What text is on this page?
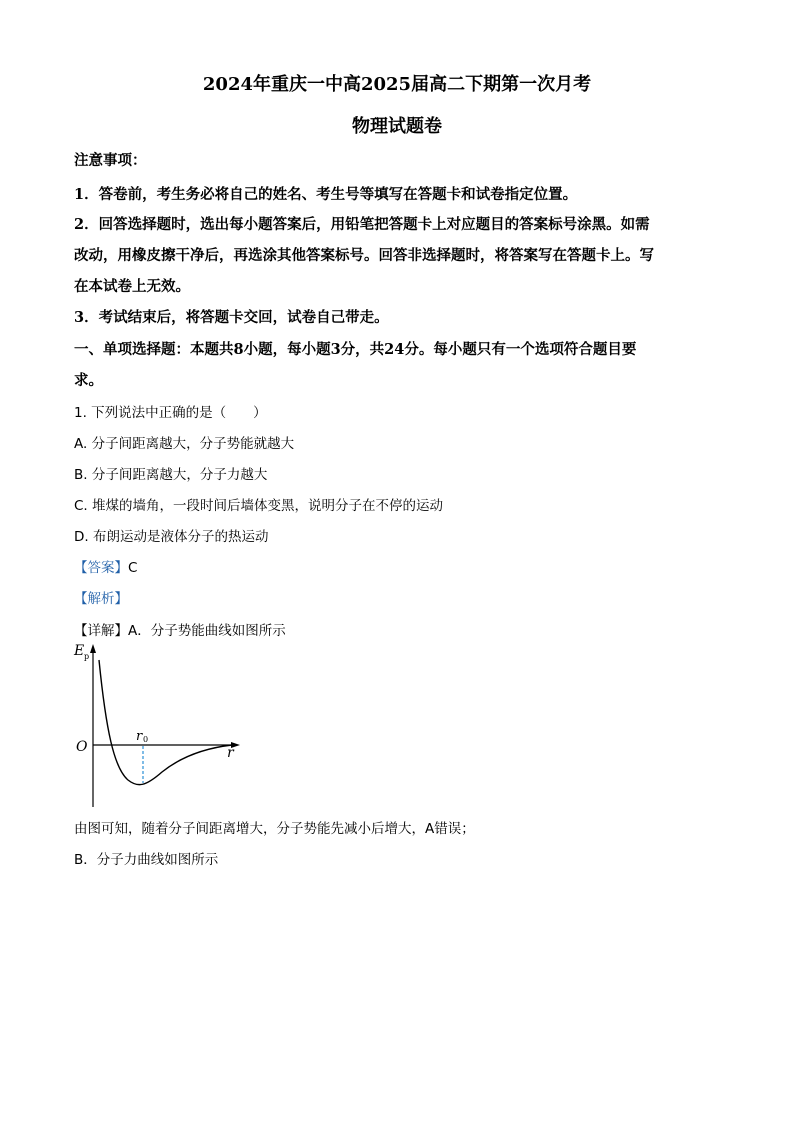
2024年重庆一中高2025届高二下期第一次月考
物理试题卷
注意事项：
1．答卷前，考生务必将自己的姓名、考生号等填写在答题卡和试卷指定位置。
2．回答选择题时，选出每小题答案后，用铅笔把答题卡上对应题目的答案标号涂黑。如需
改动，用橡皮擦干净后，再选涂其他答案标号。回答非选择题时，将答案写在答题卡上。写
在本试卷上无效。
3．考试结束后，将答题卡交回，试卷自己带走。
一、单项选择题：本题共8小题，每小题3分，共24分。每小题只有一个选项符合题目要
求。
1. 下列说法中正确的是（　　）
A. 分子间距离越大，分子势能就越大
B. 分子间距离越大，分子力越大
C. 堆煤的墙角，一段时间后墙体变黑，说明分子在不停的运动
D. 布朗运动是液体分子的热运动
【答案】C
【解析】
【详解】A．分子势能曲线如图所示
E p
O
r 0
r
由图可知，随着分子间距离增大，分子势能先减小后增大，A错误；
B．分子力曲线如图所示
